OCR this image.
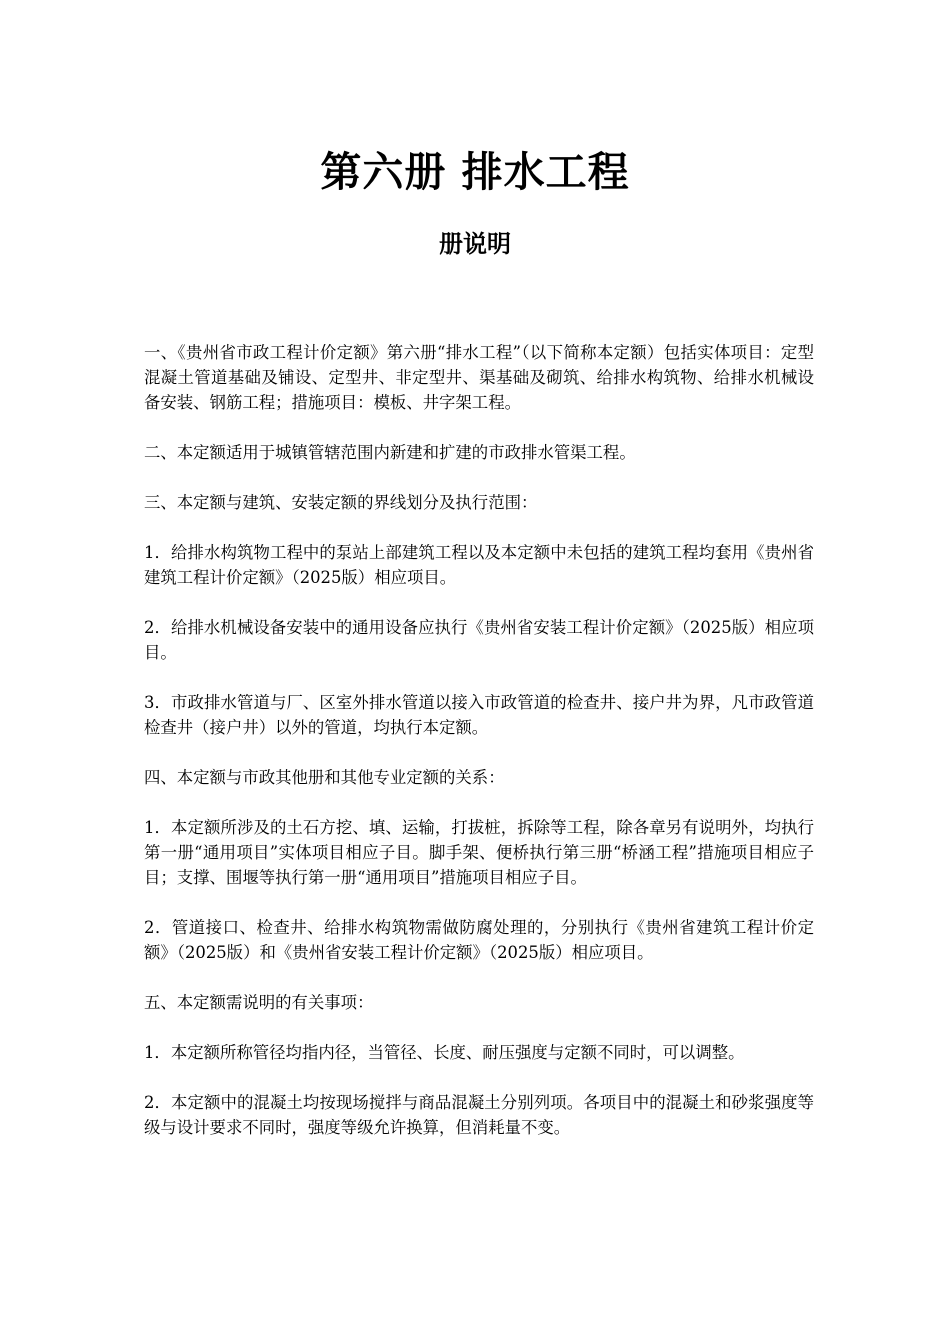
第六册 排水工程
册说明

一、《贵州省市政工程计价定额》第六册“排水工程”（以下简称本定额）包括实体项目：定型混凝土管道基础及铺设、定型井、非定型井、渠基础及砌筑、给排水构筑物、给排水机械设备安装、钢筋工程；措施项目：模板、井字架工程。

二、本定额适用于城镇管辖范围内新建和扩建的市政排水管渠工程。

三、本定额与建筑、安装定额的界线划分及执行范围：

1．给排水构筑物工程中的泵站上部建筑工程以及本定额中未包括的建筑工程均套用《贵州省建筑工程计价定额》（2025版）相应项目。

2．给排水机械设备安装中的通用设备应执行《贵州省安装工程计价定额》（2025版）相应项目。

3．市政排水管道与厂、区室外排水管道以接入市政管道的检查井、接户井为界，凡市政管道检查井（接户井）以外的管道，均执行本定额。

四、本定额与市政其他册和其他专业定额的关系：

1．本定额所涉及的土石方挖、填、运输，打拔桩，拆除等工程，除各章另有说明外，均执行第一册“通用项目”实体项目相应子目。脚手架、便桥执行第三册“桥涵工程”措施项目相应子目；支撑、围堰等执行第一册“通用项目”措施项目相应子目。

2．管道接口、检查井、给排水构筑物需做防腐处理的，分别执行《贵州省建筑工程计价定额》（2025版）和《贵州省安装工程计价定额》（2025版）相应项目。

五、本定额需说明的有关事项：

1．本定额所称管径均指内径，当管径、长度、耐压强度与定额不同时，可以调整。

2．本定额中的混凝土均按现场搅拌与商品混凝土分别列项。各项目中的混凝土和砂浆强度等级与设计要求不同时，强度等级允许换算，但消耗量不变。
